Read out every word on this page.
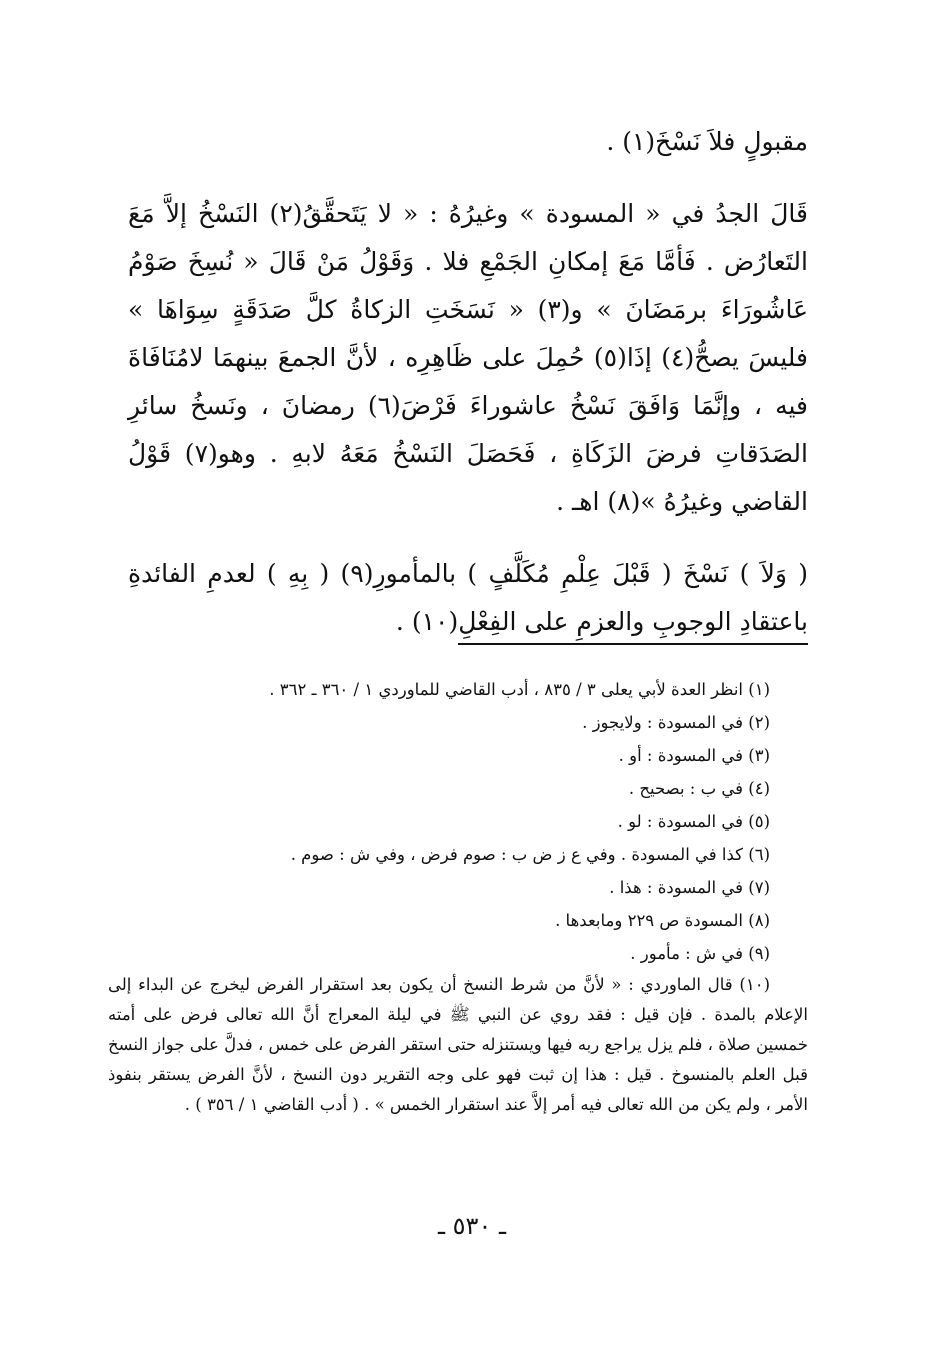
مقبولٍ فلاَ نَسْخَ(١) .

قَالَ الجدُ في « المسودة » وغيرُهُ : « لا يَتَحقَّقُ(٢) النَسْخُ إلاَّ مَعَ التَعارُض . فَأمَّا مَعَ إمكانِ الجَمْعِ فلا . وَقَوْلُ مَنْ قَالَ « نُسِخَ صَوْمُ عَاشُورَاءَ برمَضَانَ » و(٣) « نَسَخَتِ الزكاةُ كلَّ صَدَقَةٍ سِوَاهَا » فليسَ يصحُّ(٤) إذَا(٥) حُمِلَ على ظَاهِرِه ، لأنَّ الجمعَ بينهمَا لامُنَافَاةَ فيه ، وإنَّمَا وَافَقَ نَسْخُ عاشوراءَ فَرْضَ(٦) رمضانَ ، ونَسخُ سائرِ الصَدَقاتِ فرضَ الزَكَاةِ ، فَحَصَلَ النَسْخُ مَعَهُ لابهِ . وهو(٧) قَوْلُ القاضي وغيرُهُ »(٨) اهـ .

( وَلاَ ) نَسْخَ ( قَبْلَ عِلْمِ مُكَلَّفٍ ) بالمأمورِ(٩) ( بِهِ ) لعدمِ الفائدةِ باعتقادِ الوجوبِ والعزمِ على الفِعْلِ(١٠) .

(١) انظر العدة لأبي يعلى ٣ / ٨٣٥ ، أدب القاضي للماوردي ١ / ٣٦٠ ـ ٣٦٢ .

(٢) في المسودة : ولايجوز .

(٣) في المسودة : أو .

(٤) في ب : بصحيح .

(٥) في المسودة : لو .

(٦) كذا في المسودة . وفي ع ز ض ب : صوم فرض ، وفي ش : صوم .

(٧) في المسودة : هذا .

(٨) المسودة ص ٢٢٩ ومابعدها .

(٩) في ش : مأمور .

(١٠) قال الماوردي : « لأنَّ من شرط النسخ أن يكون بعد استقرار الفرض ليخرج عن البداء إلى الإعلام بالمدة . فإن قيل : فقد روي عن النبي ﷺ في ليلة المعراج أنَّ الله تعالى فرض على أمته خمسين صلاة ، فلم يزل يراجع ربه فيها ويستنزله حتى استقر الفرض على خمس ، فدلَّ على جواز النسخ قبل العلم بالمنسوخ . قيل : هذا إن ثبت فهو على وجه التقرير دون النسخ ، لأنَّ الفرض يستقر بنفوذ الأمر ، ولم يكن من الله تعالى فيه أمر إلاَّ عند استقرار الخمس » . ( أدب القاضي ١ / ٣٥٦ ) .

ـ ٥٣٠ ـ
